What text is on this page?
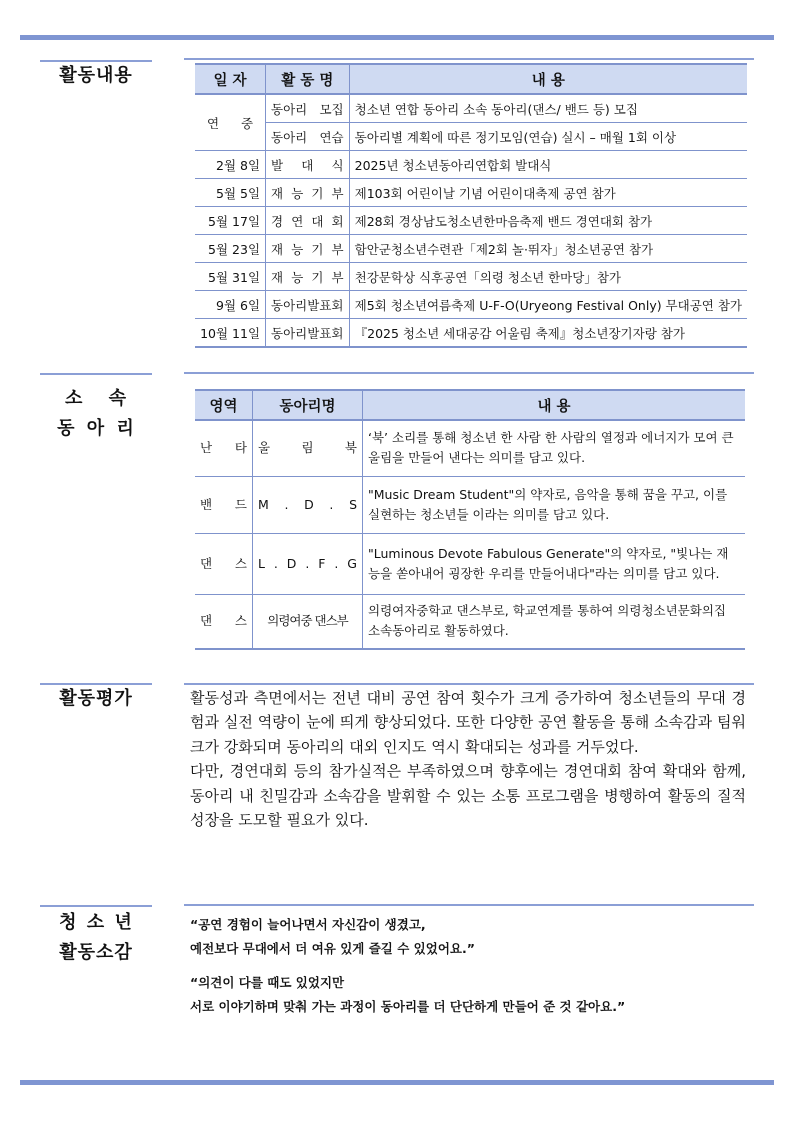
활동내용	일 자	활 동 명	내 용
연 중	동아리 모집	청소년 연합 동아리 소속 동아리(댄스/ 밴드 등) 모집
	동아리 연습	동아리별 계획에 따른 정기모임(연습) 실시 – 매월 1회 이상
2월 8일	발 대 식	2025년 청소년동아리연합회 발대식
5월 5일	재 능 기 부	제103회 어린이날 기념 어린이대축제 공연 참가
5월 17일	경 연 대 회	제28회 경상남도청소년한마음축제 밴드 경연대회 참가
5월 23일	재 능 기 부	함안군청소년수련관「제2회 놀·뛰자」청소년공연 참가
5월 31일	재 능 기 부	천강문학상 식후공연「의령 청소년 한마당」참가
9월 6일	동아리발표회	제5회 청소년여름축제 U-F-O(Uryeong Festival Only) 무대공연 참가
10월 11일	동아리발표회	『2025 청소년 세대공감 어울림 축제』청소년장기자랑 참가
소 속
동 아 리
영역	동아리명	내 용
난 타	울 림 북	‘북’ 소리를 통해 청소년 한 사람 한 사람의 열정과 에너지가 모여 큰 울림을 만들어 낸다는 의미를 담고 있다.
밴 드	M . D . S	"Music Dream Student"의 약자로, 음악을 통해 꿈을 꾸고, 이를 실현하는 청소년들 이라는 의미를 담고 있다.
댄 스	L . D . F . G	"Luminous Devote Fabulous Generate"의 약자로, "빛나는 재능을 쏟아내어 굉장한 우리를 만들어내다"라는 의미를 담고 있다.
댄 스	의령여중 댄스부	의령여자중학교 댄스부로, 학교연계를 통하여 의령청소년문화의집 소속동아리로 활동하였다.
활동평가	활동성과 측면에서는 전년 대비 공연 참여 횟수가 크게 증가하여 청소년들의 무대 경험과 실전 역량이 눈에 띄게 향상되었다. 또한 다양한 공연 활동을 통해 소속감과 팀워크가 강화되며 동아리의 대외 인지도 역시 확대되는 성과를 거두었다.
다만, 경연대회 등의 참가실적은 부족하였으며 향후에는 경연대회 참여 확대와 함께, 동아리 내 친밀감과 소속감을 발휘할 수 있는 소통 프로그램을 병행하여 활동의 질적 성장을 도모할 필요가 있다.
청 소 년
활동소감
“공연 경험이 늘어나면서 자신감이 생겼고,
예전보다 무대에서 더 여유 있게 즐길 수 있었어요.”
“의견이 다를 때도 있었지만
서로 이야기하며 맞춰 가는 과정이 동아리를 더 단단하게 만들어 준 것 같아요.”
